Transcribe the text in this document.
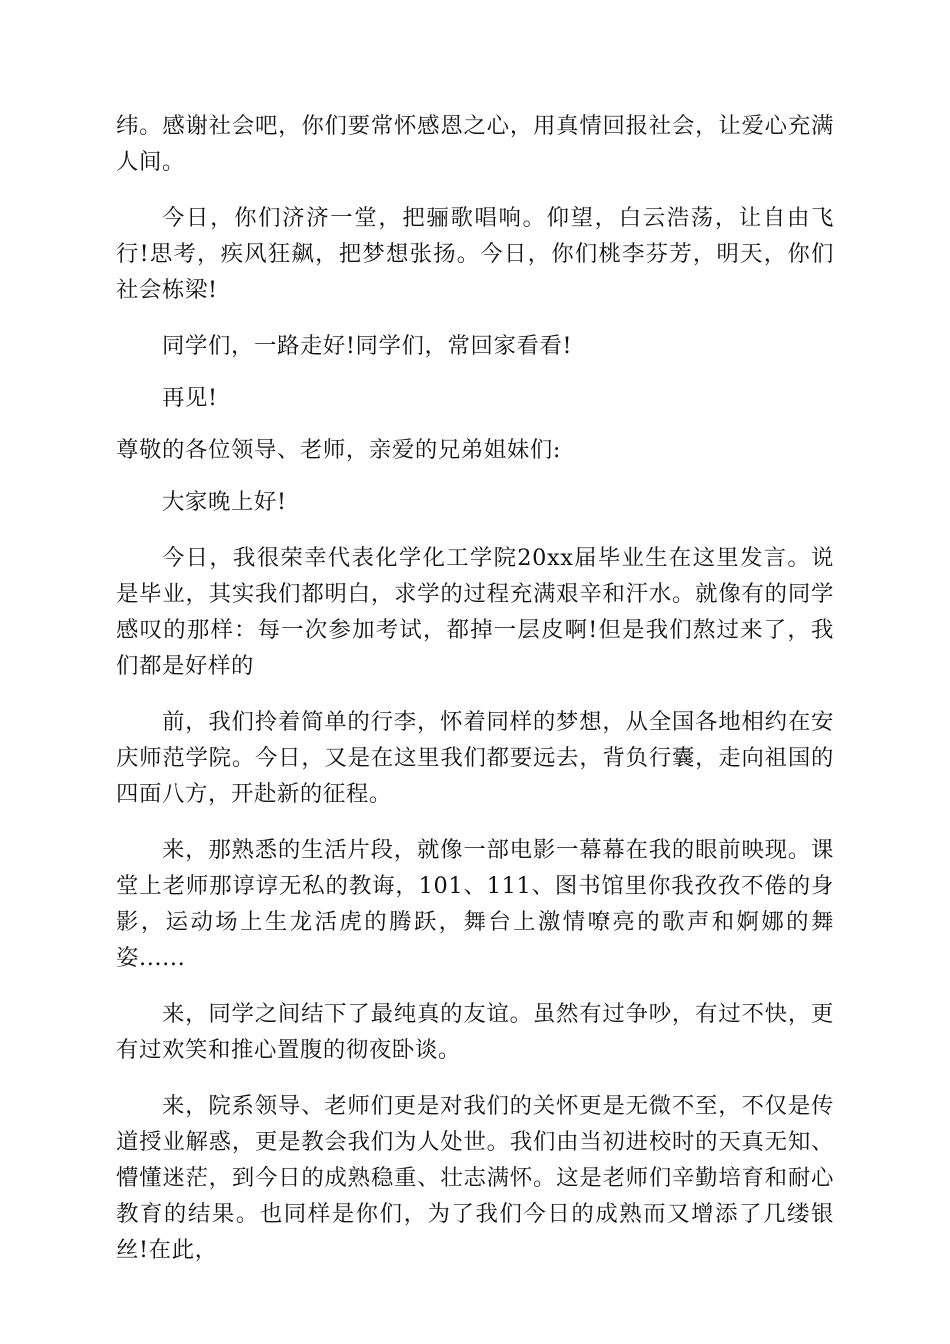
纬。感谢社会吧，你们要常怀感恩之心，用真情回报社会，让爱心充满人间。

今日，你们济济一堂，把骊歌唱响。仰望，白云浩荡，让自由飞行!思考，疾风狂飙，把梦想张扬。今日，你们桃李芬芳，明天，你们社会栋梁!

同学们，一路走好!同学们，常回家看看!

再见!

尊敬的各位领导、老师，亲爱的兄弟姐妹们:

大家晚上好!

今日，我很荣幸代表化学化工学院20xx届毕业生在这里发言。说是毕业，其实我们都明白，求学的过程充满艰辛和汗水。就像有的同学感叹的那样：每一次参加考试，都掉一层皮啊!但是我们熬过来了，我们都是好样的

前，我们拎着简单的行李，怀着同样的梦想，从全国各地相约在安庆师范学院。今日，又是在这里我们都要远去，背负行囊，走向祖国的四面八方，开赴新的征程。

来，那熟悉的生活片段，就像一部电影一幕幕在我的眼前映现。课堂上老师那谆谆无私的教诲，101、111、图书馆里你我孜孜不倦的身影，运动场上生龙活虎的腾跃，舞台上激情嘹亮的歌声和婀娜的舞姿......

来，同学之间结下了最纯真的友谊。虽然有过争吵，有过不快，更有过欢笑和推心置腹的彻夜卧谈。

来，院系领导、老师们更是对我们的关怀更是无微不至，不仅是传道授业解惑，更是教会我们为人处世。我们由当初进校时的天真无知、懵懂迷茫，到今日的成熟稳重、壮志满怀。这是老师们辛勤培育和耐心教育的结果。也同样是你们，为了我们今日的成熟而又增添了几缕银丝!在此，
